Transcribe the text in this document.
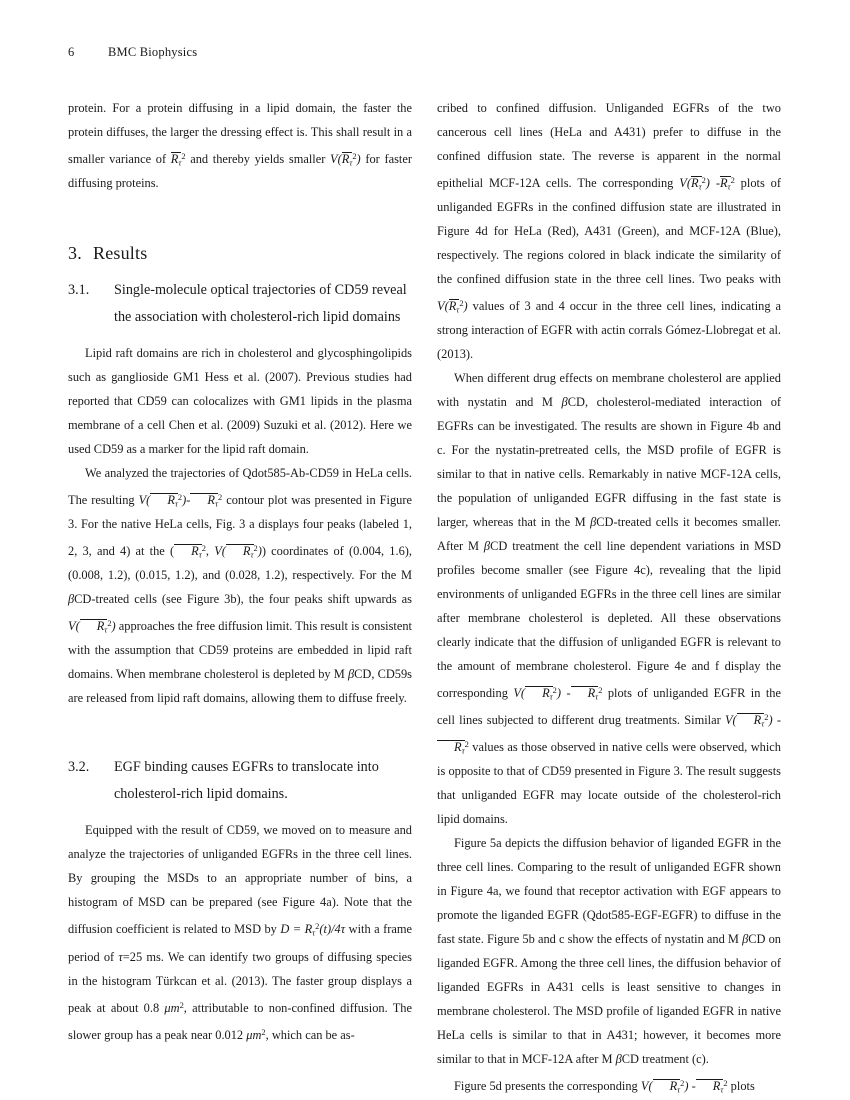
6	BMC Biophysics

protein. For a protein diffusing in a lipid domain, the faster the protein diffuses, the larger the dressing effect is. This shall result in a smaller variance of $R_\tau^2$ and thereby yields smaller $V(R_\tau^2)$ for faster diffusing proteins.

3. Results
3.1.	Single-molecule optical trajectories of CD59 reveal the association with cholesterol-rich lipid domains

Lipid raft domains are rich in cholesterol and glycosphingolipids such as ganglioside GM1 Hess et al. (2007). Previous studies had reported that CD59 can colocalizes with GM1 lipids in the plasma membrane of a cell Chen et al. (2009) Suzuki et al. (2012). Here we used CD59 as a marker for the lipid raft domain.

We analyzed the trajectories of Qdot585-Ab-CD59 in HeLa cells. The resulting V( $R_\tau^2)-$ $R_\tau^2$ contour plot was presented in Figure 3. For the native HeLa cells, Fig. 3 a displays four peaks (labeled 1, 2, 3, and 4) at the ( $R_\tau^2$, V( $R_\tau^2$)) coordinates of (0.004, 1.6), (0.008, 1.2), (0.015, 1.2), and (0.028, 1.2), respectively. For the M βCD-treated cells (see Figure 3b), the four peaks shift upwards as V( $R_\tau^2$) approaches the free diffusion limit. This result is consistent with the assumption that CD59 proteins are embedded in lipid raft domains. When membrane cholesterol is depleted by M βCD, CD59s are released from lipid raft domains, allowing them to diffuse freely.

3.2.	EGF binding causes EGFRs to translocate into cholesterol-rich lipid domains.

Equipped with the result of CD59, we moved on to measure and analyze the trajectories of unliganded EGFRs in the three cell lines. By grouping the MSDs to an appropriate number of bins, a histogram of MSD can be prepared (see Figure 4a). Note that the diffusion coefficient is related to MSD by $D = R_\tau^2(t)/4\tau$ with a frame period of τ=25 ms. We can identify two groups of diffusing species in the histogram Türkcan et al. (2013). The faster group displays a peak at about 0.8 $\mu m^2$, attributable to non-confined diffusion. The slower group has a peak near 0.012 $\mu m^2$, which can be as-

cribed to confined diffusion. Unliganded EGFRs of the two cancerous cell lines (HeLa and A431) prefer to diffuse in the confined diffusion state. The reverse is apparent in the normal epithelial MCF-12A cells. The corresponding $V(R_\tau^2)$ $-R_\tau^2$ plots of unliganded EGFRs in the confined diffusion state are illustrated in Figure 4d for HeLa (Red), A431 (Green), and MCF-12A (Blue), respectively. The regions colored in black indicate the similarity of the confined diffusion state in the three cell lines. Two peaks with $V(R_\tau^2)$ values of 3 and 4 occur in the three cell lines, indicating a strong interaction of EGFR with actin corrals Gómez-Llobregat et al. (2013).

When different drug effects on membrane cholesterol are applied with nystatin and M βCD, cholesterol-mediated interaction of EGFRs can be investigated. The results are shown in Figure 4b and c. For the nystatin-pretreated cells, the MSD profile of EGFR is similar to that in native cells. Remarkably in native MCF-12A cells, the population of unliganded EGFR diffusing in the fast state is larger, whereas that in the M βCD-treated cells it becomes smaller. After M βCD treatment the cell line dependent variations in MSD profiles become smaller (see Figure 4c), revealing that the lipid environments of unliganded EGFRs in the three cell lines are similar after membrane cholesterol is depleted. All these observations clearly indicate that the diffusion of unliganded EGFR is relevant to the amount of membrane cholesterol. Figure 4e and f display the corresponding V( $R_\tau^2) - R_\tau^2$ plots of unliganded EGFR in the cell lines subjected to different drug treatments. Similar V( $R_\tau^2$) $-R_\tau^2$ values as those observed in native cells were observed, which is opposite to that of CD59 presented in Figure 3. The result suggests that unliganded EGFR may locate outside of the cholesterol-rich lipid domains.

Figure 5a depicts the diffusion behavior of liganded EGFR in the three cell lines. Comparing to the result of unliganded EGFR shown in Figure 4a, we found that receptor activation with EGF appears to promote the liganded EGFR (Qdot585-EGF-EGFR) to diffuse in the fast state. Figure 5b and c show the effects of nystatin and M βCD on liganded EGFR. Among the three cell lines, the diffusion behavior of liganded EGFRs in A431 cells is least sensitive to changes in membrane cholesterol. The MSD profile of liganded EGFR in native HeLa cells is similar to that in A431; however, it becomes more similar to that in MCF-12A after M βCD treatment (c).

Figure 5d presents the corresponding V( $R_\tau^2) - R_\tau^2$ plots
